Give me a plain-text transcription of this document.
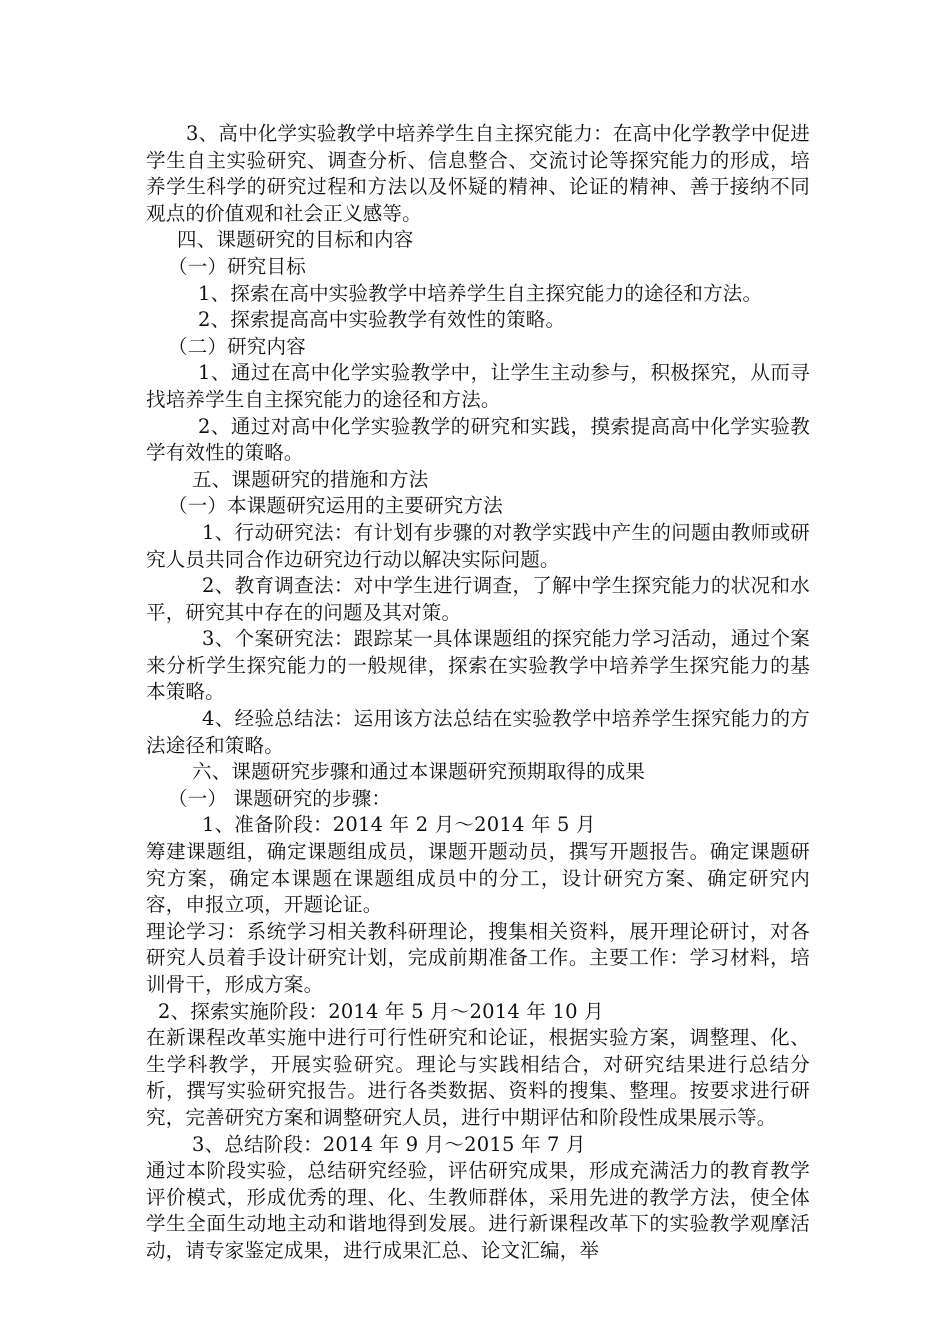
3、高中化学实验教学中培养学生自主探究能力：在高中化学教学中促进学生自主实验研究、调查分析、信息整合、交流讨论等探究能力的形成，培养学生科学的研究过程和方法以及怀疑的精神、论证的精神、善于接纳不同观点的价值观和社会正义感等。

四、课题研究的目标和内容

（一）研究目标

1、探索在高中实验教学中培养学生自主探究能力的途径和方法。

2、探索提高高中实验教学有效性的策略。

（二）研究内容

1、通过在高中化学实验教学中，让学生主动参与，积极探究，从而寻找培养学生自主探究能力的途径和方法。

2、通过对高中化学实验教学的研究和实践，摸索提高高中化学实验教学有效性的策略。

五、课题研究的措施和方法

（一）本课题研究运用的主要研究方法

1、行动研究法：有计划有步骤的对教学实践中产生的问题由教师或研究人员共同合作边研究边行动以解决实际问题。

2、教育调查法：对中学生进行调查，了解中学生探究能力的状况和水平，研究其中存在的问题及其对策。

3、个案研究法：跟踪某一具体课题组的探究能力学习活动，通过个案来分析学生探究能力的一般规律，探索在实验教学中培养学生探究能力的基本策略。

4、经验总结法：运用该方法总结在实验教学中培养学生探究能力的方法途径和策略。

六、课题研究步骤和通过本课题研究预期取得的成果

（一） 课题研究的步骤：

1、准备阶段：2014 年 2 月～2014 年 5 月

筹建课题组，确定课题组成员，课题开题动员，撰写开题报告。确定课题研究方案，确定本课题在课题组成员中的分工，设计研究方案、确定研究内容，申报立项，开题论证。

理论学习：系统学习相关教科研理论，搜集相关资料，展开理论研讨，对各研究人员着手设计研究计划，完成前期准备工作。主要工作：学习材料，培训骨干，形成方案。

2、探索实施阶段：2014 年 5 月～2014 年 10 月

在新课程改革实施中进行可行性研究和论证，根据实验方案，调整理、化、生学科教学，开展实验研究。理论与实践相结合，对研究结果进行总结分析，撰写实验研究报告。进行各类数据、资料的搜集、整理。按要求进行研究，完善研究方案和调整研究人员，进行中期评估和阶段性成果展示等。

3、总结阶段：2014 年 9 月～2015 年 7 月

通过本阶段实验，总结研究经验，评估研究成果，形成充满活力的教育教学评价模式，形成优秀的理、化、生教师群体，采用先进的教学方法，使全体学生全面生动地主动和谐地得到发展。进行新课程改革下的实验教学观摩活动，请专家鉴定成果，进行成果汇总、论文汇编，举
